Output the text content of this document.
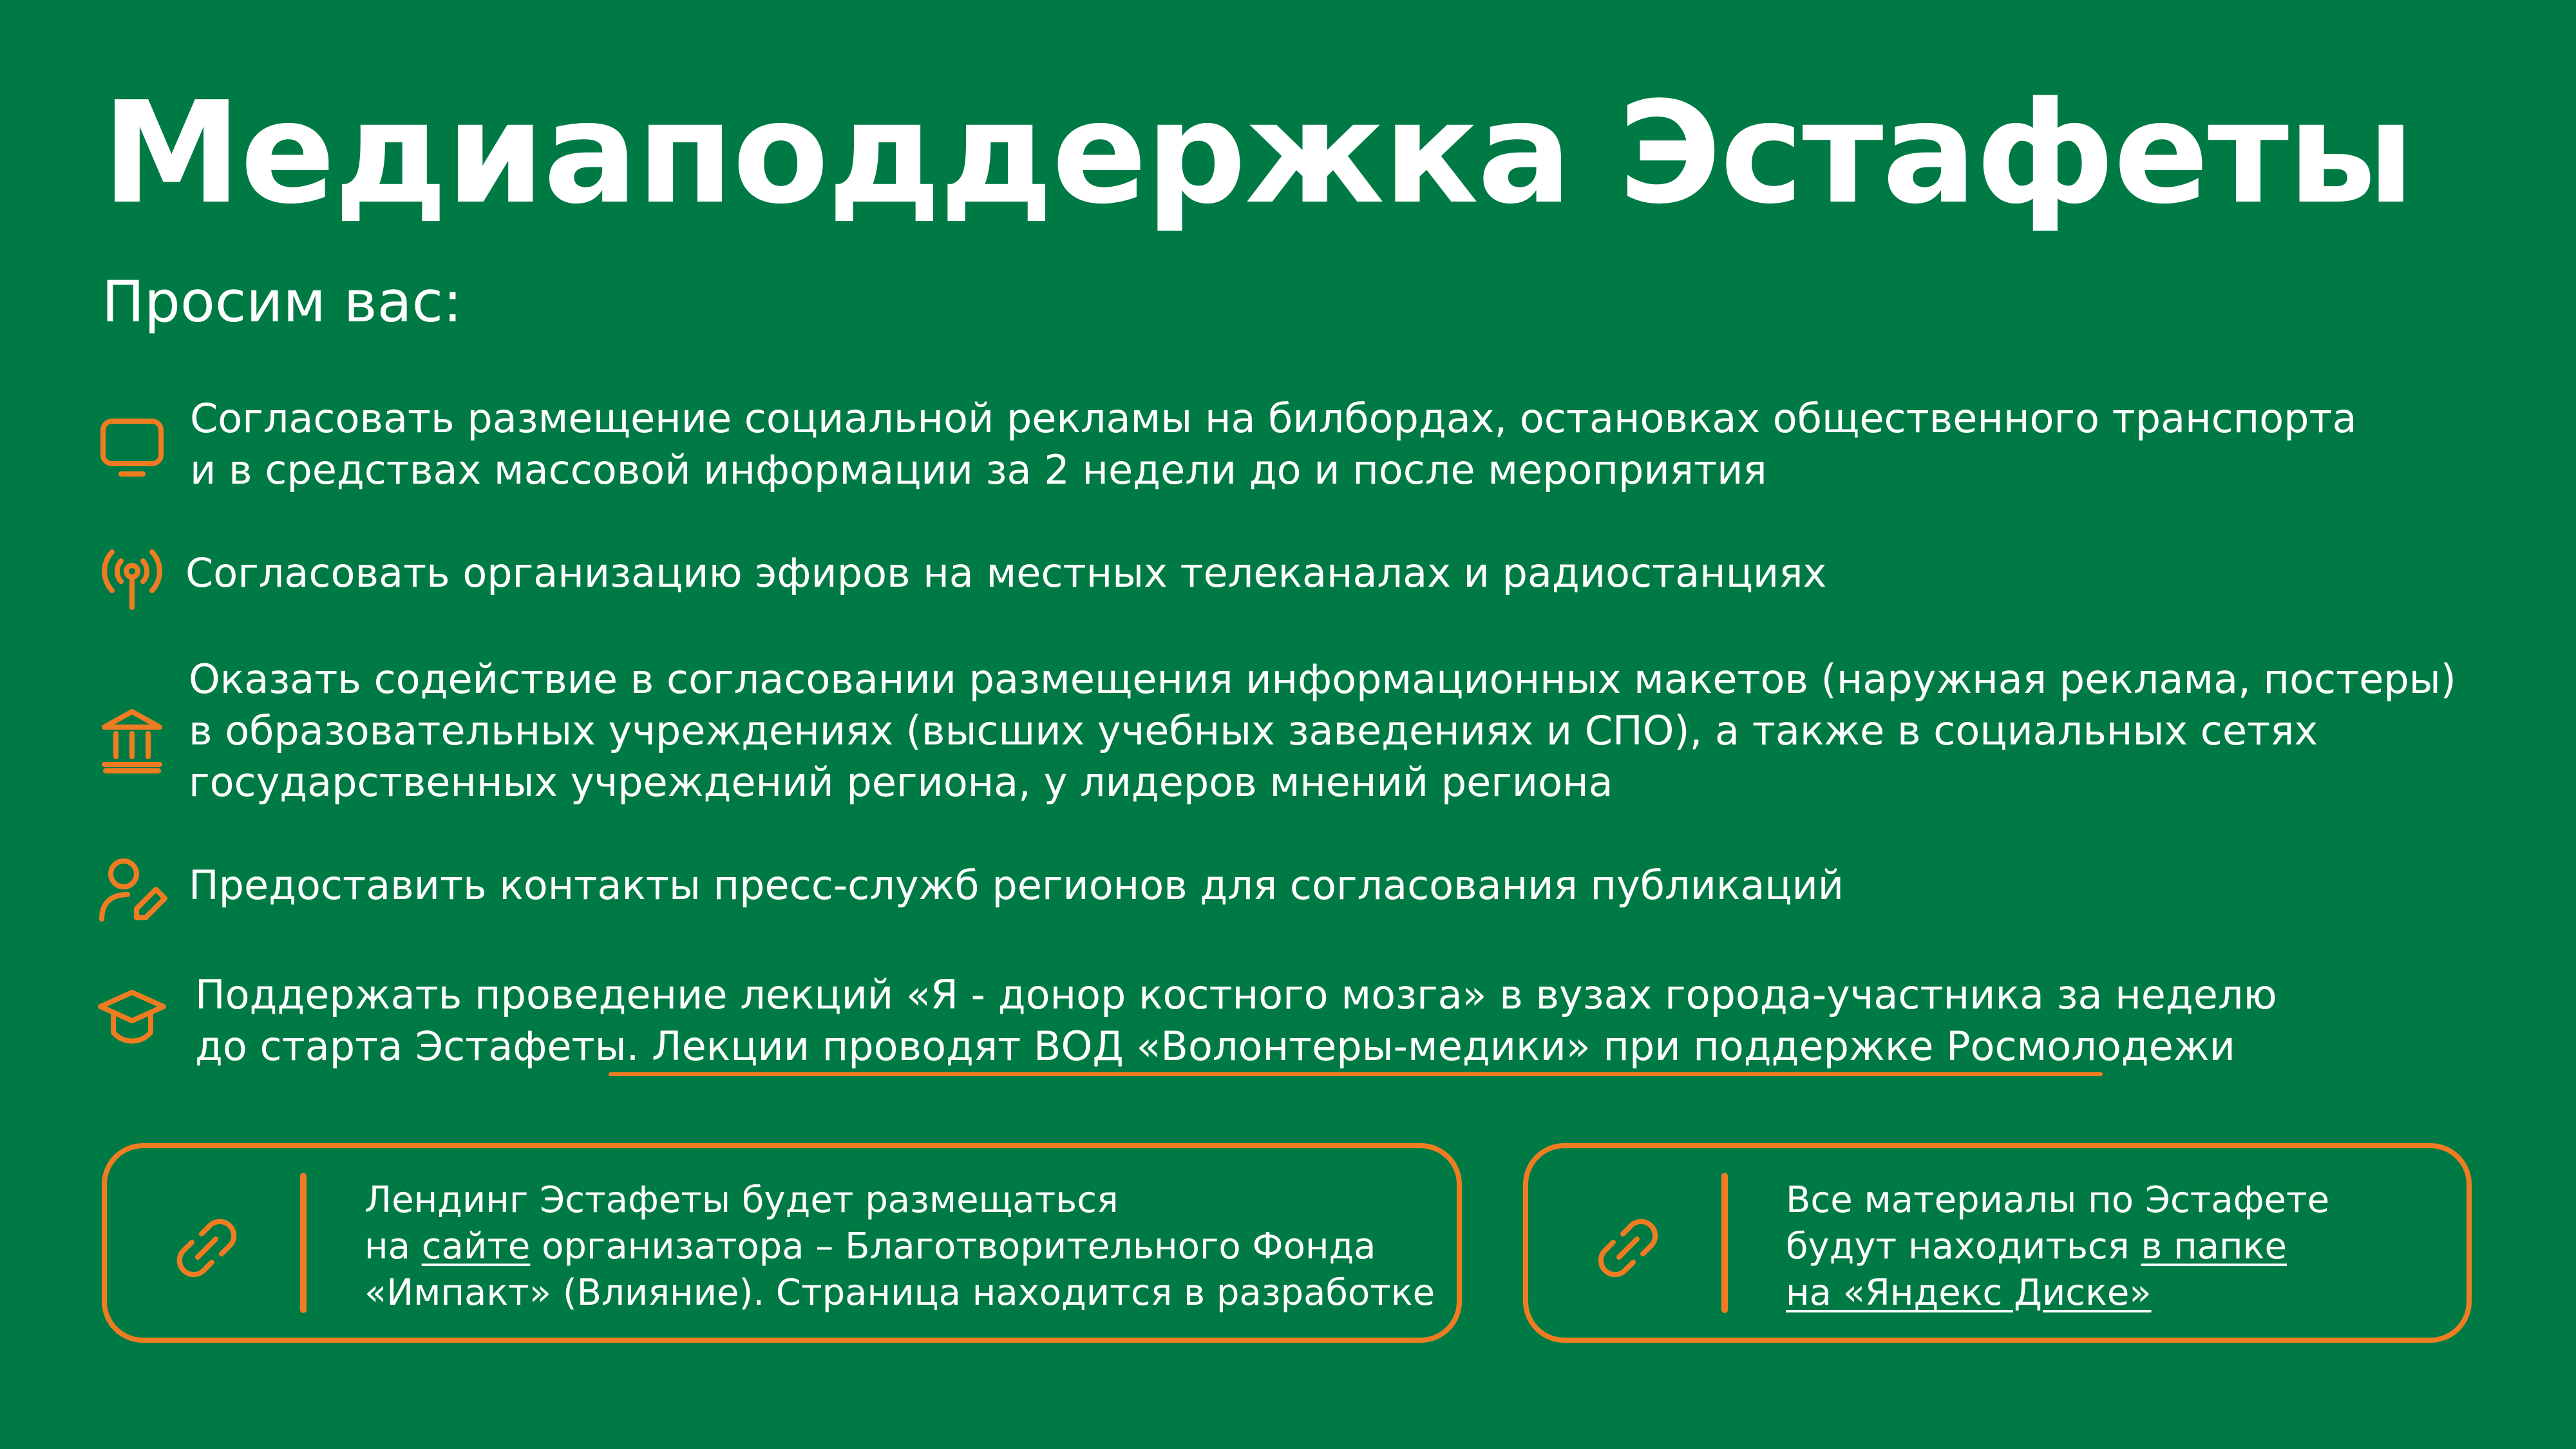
Медиаподдержка Эстафеты
Просим вас:
Согласовать размещение социальной рекламы на билбордах, остановках общественного транспорта
и в средствах массовой информации за 2 недели до и после мероприятия
Согласовать организацию эфиров на местных телеканалах и радиостанциях
Оказать содействие в согласовании размещения информационных макетов (наружная реклама, постеры)
в образовательных учреждениях (высших учебных заведениях и СПО), а также в социальных сетях
государственных учреждений региона, у лидеров мнений региона
Предоставить контакты пресс-служб регионов для согласования публикаций
Поддержать проведение лекций «Я - донор костного мозга» в вузах города-участника за неделю
до старта Эстафеты. Лекции проводят ВОД «Волонтеры-медики» при поддержке Росмолодежи
Лендинг Эстафеты будет размещаться
на сайте организатора – Благотворительного Фонда
«Импакт» (Влияние). Страница находится в разработке
Все материалы по Эстафете
будут находиться в папке
на «Яндекс Диске»
